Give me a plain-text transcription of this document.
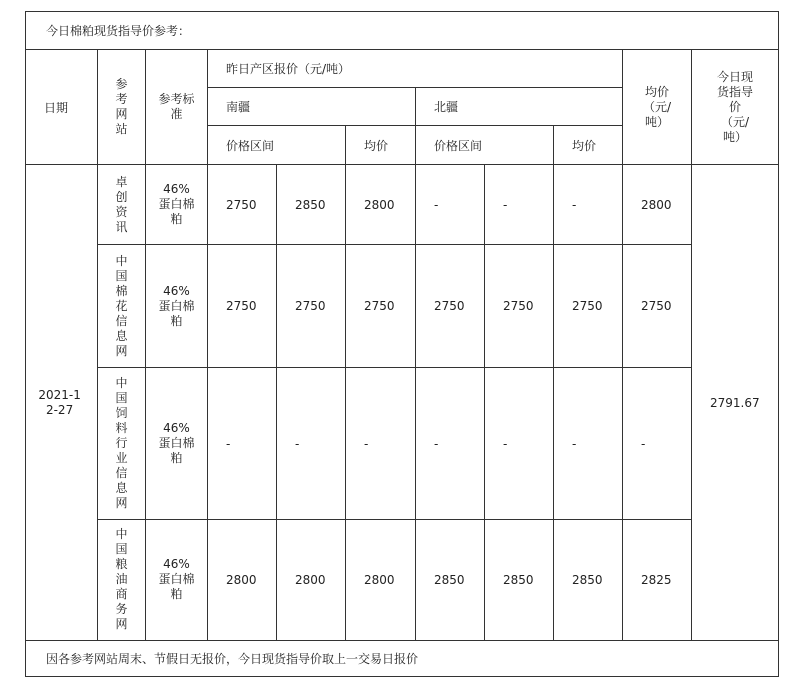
今日棉粕现货指导价参考：										
日期	参考网站	参考标准	昨日产区报价（元/吨）						均价（元/吨）	今日现货指导价（元/吨）

			南疆			北疆				
			价格区间		均价	价格区间		均价		

2021-12-27	卓创资讯	46%蛋白棉粕	2750	2850	2800	-	-	-	2800	2791.67

	中国棉花信息网	46%蛋白棉粕	2750	2750	2750	2750	2750	2750	2750	

	中国饲料行业信息网	46%蛋白棉粕	-	-	-	-	-	-	-	

	中国粮油商务网	46%蛋白棉粕	2800	2800	2800	2850	2850	2850	2825	
因各参考网站周末、节假日无报价，今日现货指导价取上一交易日报价										
